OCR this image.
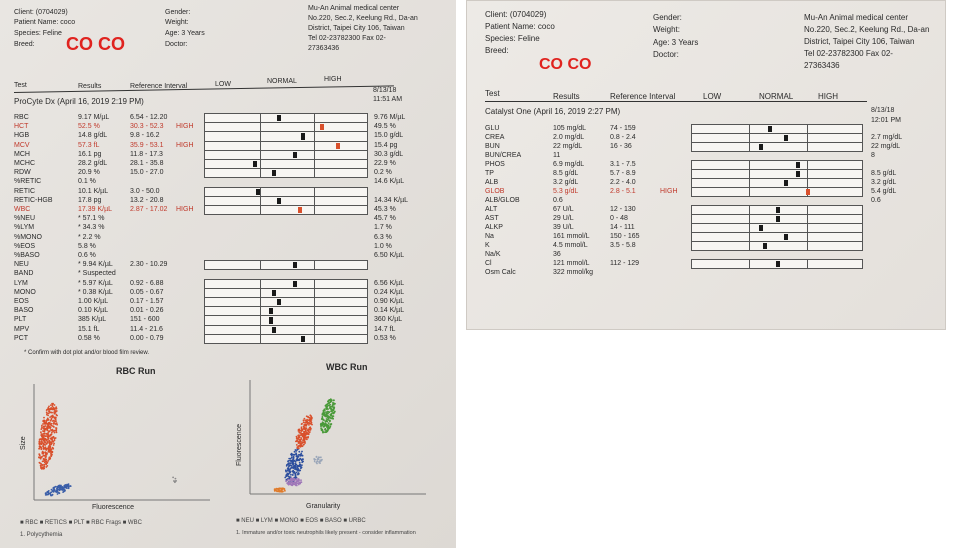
Client: (0704029)
Patient Name: coco
Species: Feline
Breed: CO CO
Gender:
Weight:
Age: 3 Years
Doctor:
Mu-An Animal medical center
No.220, Sec.2, Keelung Rd., Da-an
District, Taipei City 106, Taiwan
Tel 02-23782300 Fax 02-
27363436
Test	Results	Reference Interval	LOW	NORMAL	HIGH
ProCyte Dx (April 16, 2019 2:19 PM)
8/13/18
11:51 AM
RBC	9.17 M/µL	6.54 - 12.20	9.76 M/µL
HCT	52.5 %	30.3 - 52.3 HIGH	49.5 %
HGB	14.8 g/dL	9.8 - 16.2	15.0 g/dL
MCV	57.3 fL	35.9 - 53.1 HIGH	15.4 pg
MCH	16.1 pg	11.8 - 17.3	30.3 g/dL
MCHC	28.2 g/dL	28.1 - 35.8	22.9 %
RDW	20.9 %	15.0 - 27.0	0.2 %
%RETIC	0.1 %	14.6 K/µL
RETIC	10.1 K/µL	3.0 - 50.0
RETIC-HGB	17.8 pg	13.2 - 20.8	14.34 K/µL
WBC	17.39 K/µL	2.87 - 17.02 HIGH	45.3 %
%NEU	* 57.1 %	45.7 %
%LYM	* 34.3 %	1.7 %
%MONO	* 2.2 %	6.3 %
%EOS	5.8 %	1.0 %
%BASO	0.6 %	6.50 K/µL
NEU	* 9.94 K/µL 2.30 - 10.29
BAND	* Suspected
LYM	* 5.97 K/µL 0.92 - 6.88	6.56 K/µL
MONO	* 0.38 K/µL 0.05 - 0.67	0.24 K/µL
EOS	1.00 K/µL	0.17 - 1.57	0.90 K/µL
BASO	0.10 K/µL	0.01 - 0.26	0.14 K/µL
PLT	385 K/µL	151 - 600	360 K/µL
MPV	15.1 fL	11.4 - 21.6	14.7 fL
PCT	0.58 %	0.00 - 0.79	0.53 %
* Confirm with dot plot and/or blood film review.
RBC Run
Size
Fluorescence
■ RBC ■ RETICS ■ PLT ■ RBC Frags ■ WBC
1. Polycythemia
WBC Run
Fluorescence
Granularity
■ NEU ■ LYM ■ MONO ■ EOS ■ BASO ■ URBC
1. Immature and/or toxic neutrophils likely present - consider inflammation
Client: (0704029)
Patient Name: coco
Species: Feline
Breed:
CO CO
Gender:
Weight:
Age: 3 Years
Doctor:
Mu-An Animal medical center
No.220, Sec.2, Keelung Rd., Da-an
District, Taipei City 106, Taiwan
Tel 02-23782300 Fax 02-
27363436
Test	Results	Reference Interval	LOW	NORMAL	HIGH
Catalyst One (April 16, 2019 2:27 PM)	8/13/18
12:01 PM
GLU	105 mg/dL	74 - 159
CREA	2.0 mg/dL	0.8 - 2.4	2.7 mg/dL
BUN	22 mg/dL	16 - 36	22 mg/dL
BUN/CREA	11	8
PHOS	6.9 mg/dL	3.1 - 7.5
TP	8.5 g/dL	5.7 - 8.9	8.5 g/dL
ALB	3.2 g/dL	2.2 - 4.0	3.2 g/dL
GLOB	5.3 g/dL	2.8 - 5.1	HIGH	5.4 g/dL
ALB/GLOB	0.6	0.6
ALT	67 U/L	12 - 130
AST	29 U/L	0 - 48
ALKP	39 U/L	14 - 111
Na	161 mmol/L	150 - 165
K	4.5 mmol/L	3.5 - 5.8
Na/K	36
Cl	121 mmol/L	112 - 129
Osm Calc	322 mmol/kg
